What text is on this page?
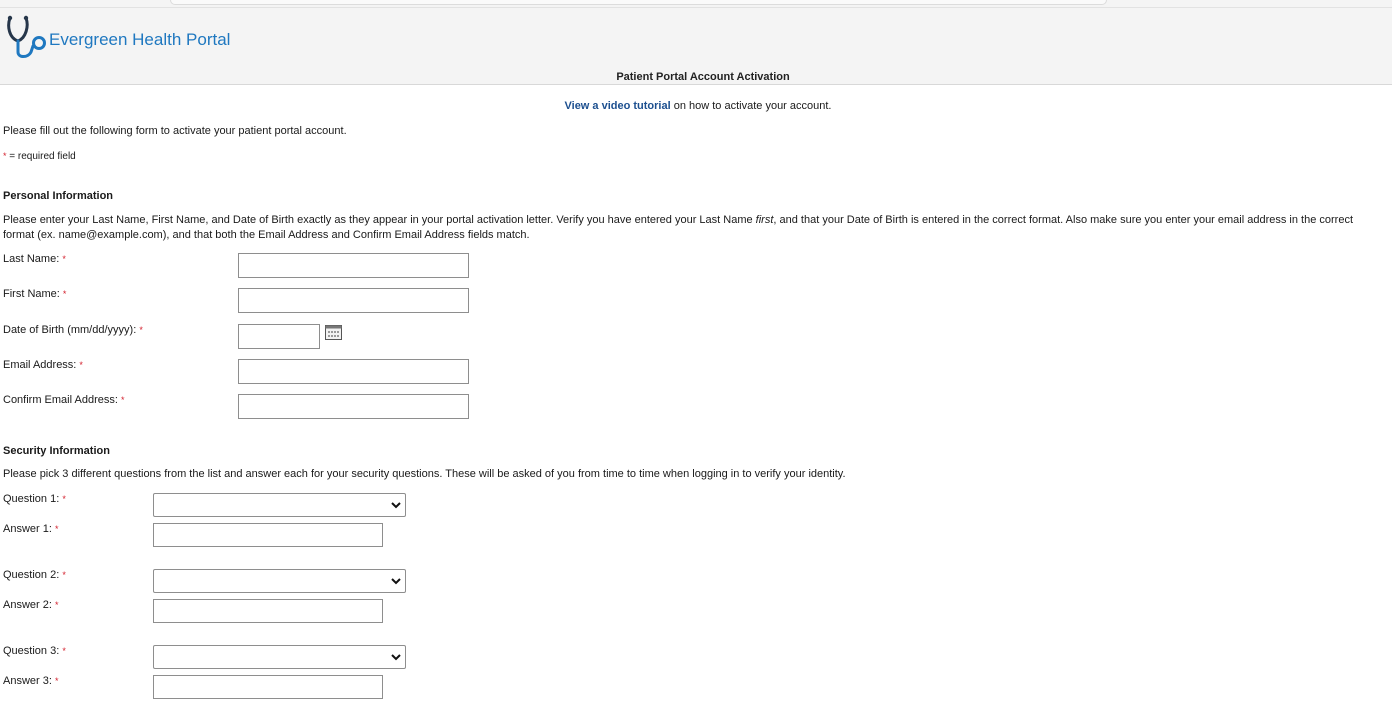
Evergreen Health Portal
Patient Portal Account Activation
View a video tutorial on how to activate your account.
Please fill out the following form to activate your patient portal account.
* = required field
Personal Information
Please enter your Last Name, First Name, and Date of Birth exactly as they appear in your portal activation letter. Verify you have entered your Last Name first, and that your Date of Birth is entered in the correct format. Also make sure you enter your email address in the correct format (ex. name@example.com), and that both the Email Address and Confirm Email Address fields match.
Last Name: *
First Name: *
Date of Birth (mm/dd/yyyy): *
Email Address: *
Confirm Email Address: *
Security Information
Please pick 3 different questions from the list and answer each for your security questions. These will be asked of you from time to time when logging in to verify your identity.
Question 1: *
Answer 1: *
Question 2: *
Answer 2: *
Question 3: *
Answer 3: *
